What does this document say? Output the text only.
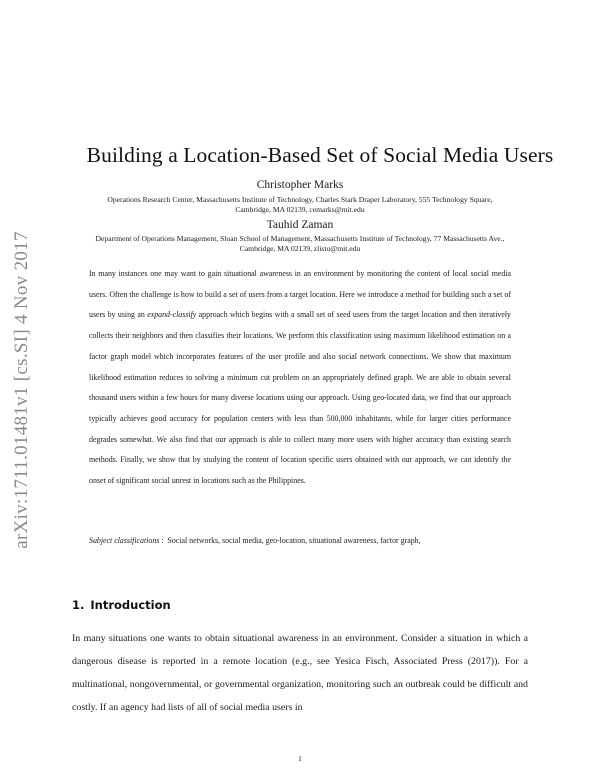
arXiv:1711.01481v1 [cs.SI] 4 Nov 2017
Building a Location-Based Set of Social Media Users
Christopher Marks
Operations Research Center, Massachusetts Institute of Technology, Charles Stark Draper Laboratory, 555 Technology Square, Cambridge, MA 02139, cemarks@mit.edu
Tauhid Zaman
Department of Operations Management, Sloan School of Management, Massachusetts Institute of Technology, 77 Massachusetts Ave., Cambridge, MA 02139, zlisto@mit.edu

In many instances one may want to gain situational awareness in an environment by monitoring the content of local social media users. Often the challenge is how to build a set of users from a target location. Here we introduce a method for building such a set of users by using an expand-classify approach which begins with a small set of seed users from the target location and then iteratively collects their neighbors and then classifies their locations. We perform this classification using maximum likelihood estimation on a factor graph model which incorporates features of the user profile and also social network connections. We show that maximum likelihood estimation reduces to solving a minimum cut problem on an appropriately defined graph. We are able to obtain several thousand users within a few hours for many diverse locations using our approach. Using geo-located data, we find that our approach typically achieves good accuracy for population centers with less than 500,000 inhabitants, while for larger cities performance degrades somewhat. We also find that our approach is able to collect many more users with higher accuracy than existing search methods. Finally, we show that by studying the content of location specific users obtained with our approach, we can identify the onset of significant social unrest in locations such as the Philippines.

Subject classifications : Social networks, social media, geo-location, situational awareness, factor graph,
1. Introduction

In many situations one wants to obtain situational awareness in an environment. Consider a situation in which a dangerous disease is reported in a remote location (e.g., see Yesica Fisch, Associated Press (2017)). For a multinational, nongovernmental, or governmental organization, monitoring such an outbreak could be difficult and costly. If an agency had lists of all of social media users in

1
